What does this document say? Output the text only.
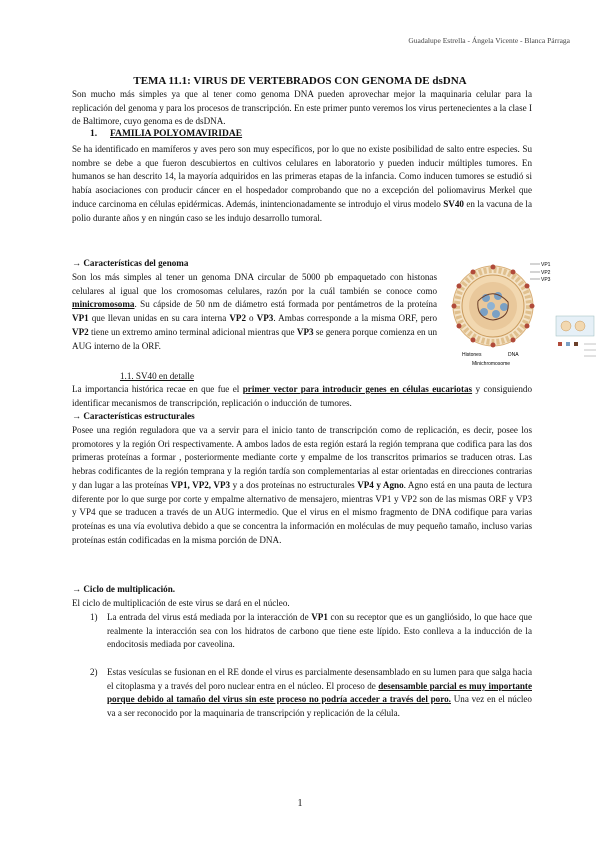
Guadalupe Estrella - Ángela Vicente - Blanca Párraga
TEMA 11.1: VIRUS DE VERTEBRADOS CON GENOMA DE dsDNA
Son mucho más simples ya que al tener como genoma DNA pueden aprovechar mejor la maquinaria celular para la replicación del genoma y para los procesos de transcripción. En este primer punto veremos los virus pertenecientes a la clase I de Baltimore, cuyo genoma es de dsDNA.
1. FAMILIA POLYOMAVIRIDAE
Se ha identificado en mamíferos y aves pero son muy específicos, por lo que no existe posibilidad de salto entre especies. Su nombre se debe a que fueron descubiertos en cultivos celulares en laboratorio y pueden inducir múltiples tumores. En humanos se han descrito 14, la mayoría adquiridos en las primeras etapas de la infancia. Como inducen tumores se estudió si había asociaciones con producir cáncer en el hospedador comprobando que no a excepción del poliomavirus Merkel que induce carcinoma en células epidérmicas. Además, inintencionadamente se introdujo el virus modelo SV40 en la vacuna de la polio durante años y en ningún caso se les indujo desarrollo tumoral.
→ Características del genoma
Son los más simples al tener un genoma DNA circular de 5000 pb empaquetado con histonas celulares al igual que los cromosomas celulares, razón por la cuál también se conoce como minicromosoma. Su cápside de 50 nm de diámetro está formada por pentámetros de la proteína VP1 que llevan unidas en su cara interna VP2 o VP3. Ambas corresponde a la misma ORF, pero VP2 tiene un extremo amino terminal adicional mientras que VP3 se genera porque comienza en un AUG interno de la ORF.
VP1
VP2
VP3
Histones	DNA
Minichromosome
1.1. SV40 en detalle
La importancia histórica recae en que fue el primer vector para introducir genes en células eucariotas y consiguiendo identificar mecanismos de transcripción, replicación o inducción de tumores.
→ Características estructurales
Posee una región reguladora que va a servir para el inicio tanto de transcripción como de replicación, es decir, posee los promotores y la región Ori respectivamente. A ambos lados de esta región estará la región temprana que codifica para las dos primeras proteínas a formar , posteriormente mediante corte y empalme de los transcritos primarios se traducen otras. Las hebras codificantes de la región temprana y la región tardía son complementarias al estar orientadas en direcciones contrarias y dan lugar a las proteínas VP1, VP2, VP3 y a dos proteínas no estructurales VP4 y Agno. Agno está en una pauta de lectura diferente por lo que surge por corte y empalme alternativo de mensajero, mientras VP1 y VP2 son de las mismas ORF y VP3 y VP4 que se traducen a través de un AUG intermedio. Que el virus en el mismo fragmento de DNA codifique para varias proteínas es una vía evolutiva debido a que se concentra la información en moléculas de muy pequeño tamaño, incluso varias proteínas están codificadas en la misma porción de DNA.
→ Ciclo de multiplicación.
El ciclo de multiplicación de este virus se dará en el núcleo.
1) La entrada del virus está mediada por la interacción de VP1 con su receptor que es un gangliósido, lo que hace que realmente la interacción sea con los hidratos de carbono que tiene este lípido. Esto conlleva a la inducción de la endocitosis mediada por caveolina.
2) Estas vesículas se fusionan en el RE donde el virus es parcialmente desensamblado en su lumen para que salga hacia el citoplasma y a través del poro nuclear entra en el núcleo. El proceso de desensamble parcial es muy importante porque debido al tamaño del virus sin este proceso no podría acceder a través del poro. Una vez en el núcleo va a ser reconocido por la maquinaria de transcripción y replicación de la célula.
1
